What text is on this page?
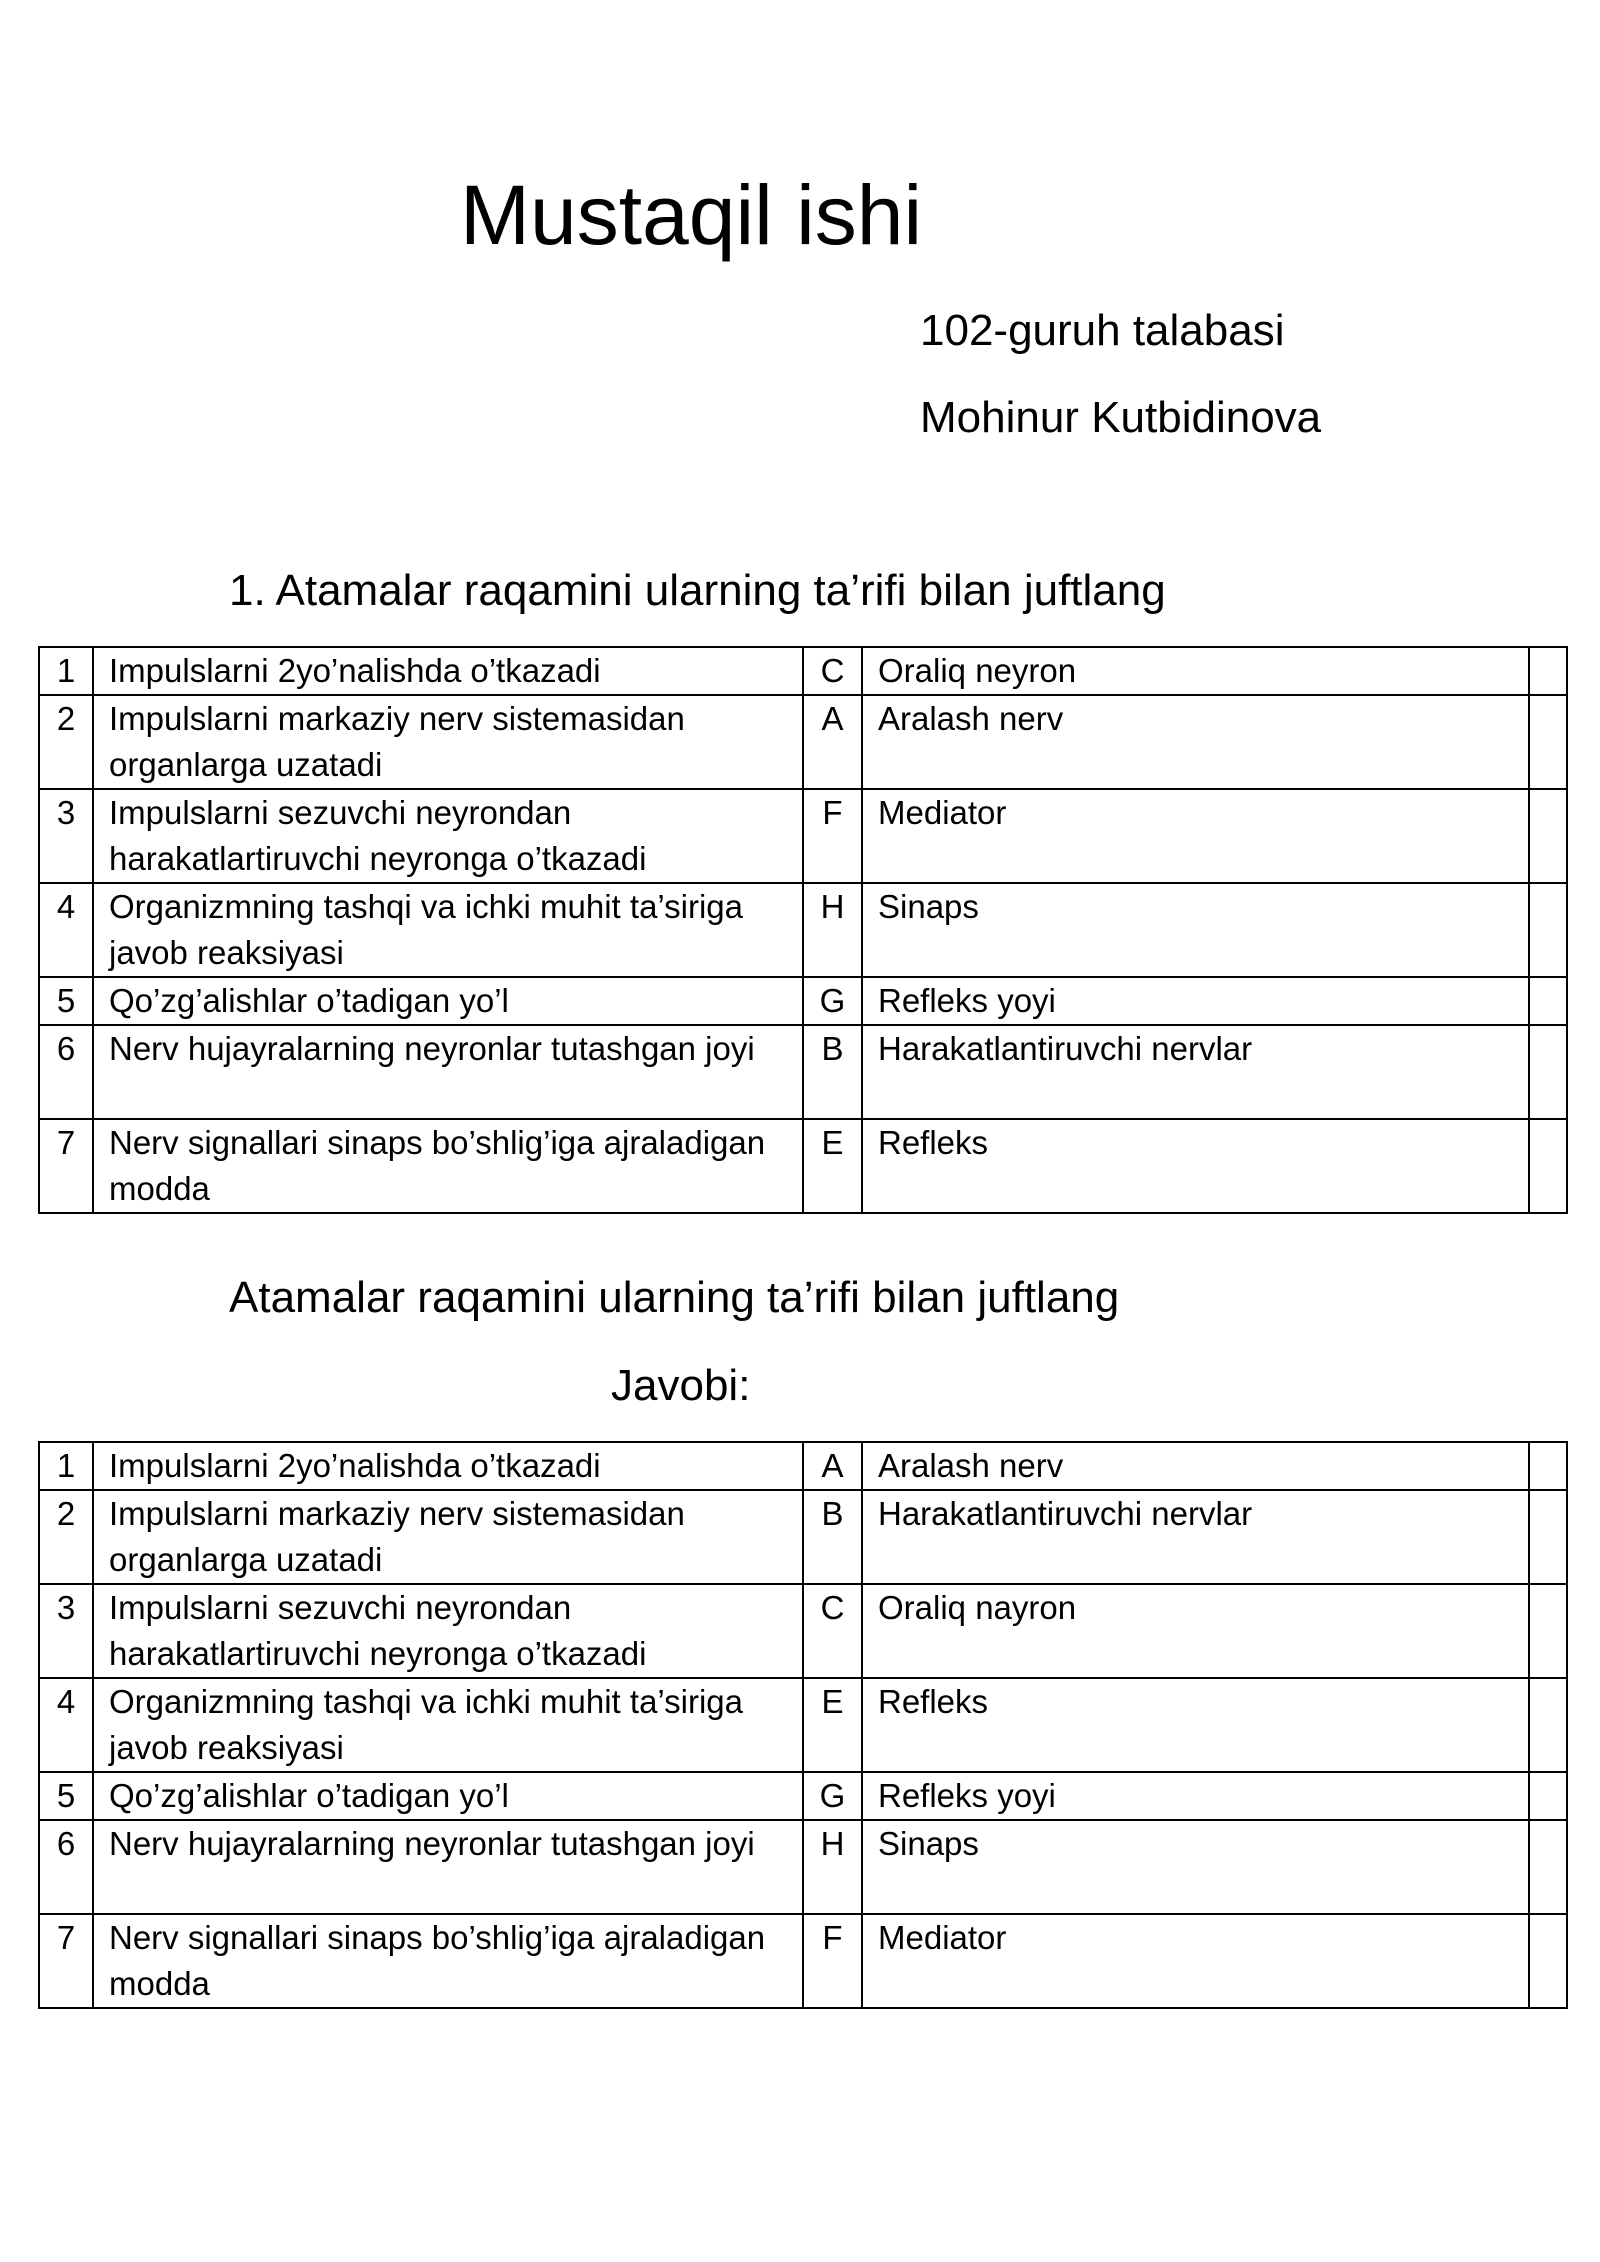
Mustaqil ishi
102-guruh talabasi
Mohinur Kutbidinova
1. Atamalar raqamini ularning ta’rifi bilan juftlang
1	Impulslarni 2yo’nalishda o’tkazadi	C	Oraliq neyron	
2	Impulslarni markaziy nerv sistemasidan organlarga uzatadi	A	Aralash nerv	
3	Impulslarni sezuvchi neyrondan harakatlartiruvchi neyronga o’tkazadi	F	Mediator	
4	Organizmning tashqi va ichki muhit ta’siriga javob reaksiyasi	H	Sinaps	
5	Qo’zg’alishlar o’tadigan yo’l	G	Refleks yoyi	
6	Nerv hujayralarning neyronlar tutashgan joyi	B	Harakatlantiruvchi nervlar	
7	Nerv signallari sinaps bo’shlig’iga ajraladigan modda	E	Refleks	
Atamalar raqamini ularning ta’rifi bilan juftlang
Javobi:
1	Impulslarni 2yo’nalishda o’tkazadi	A	Aralash nerv	
2	Impulslarni markaziy nerv sistemasidan organlarga uzatadi	B	Harakatlantiruvchi nervlar	
3	Impulslarni sezuvchi neyrondan harakatlartiruvchi neyronga o’tkazadi	C	Oraliq nayron	
4	Organizmning tashqi va ichki muhit ta’siriga javob reaksiyasi	E	Refleks	
5	Qo’zg’alishlar o’tadigan yo’l	G	Refleks yoyi	
6	Nerv hujayralarning neyronlar tutashgan joyi	H	Sinaps	
7	Nerv signallari sinaps bo’shlig’iga ajraladigan modda	F	Mediator	
